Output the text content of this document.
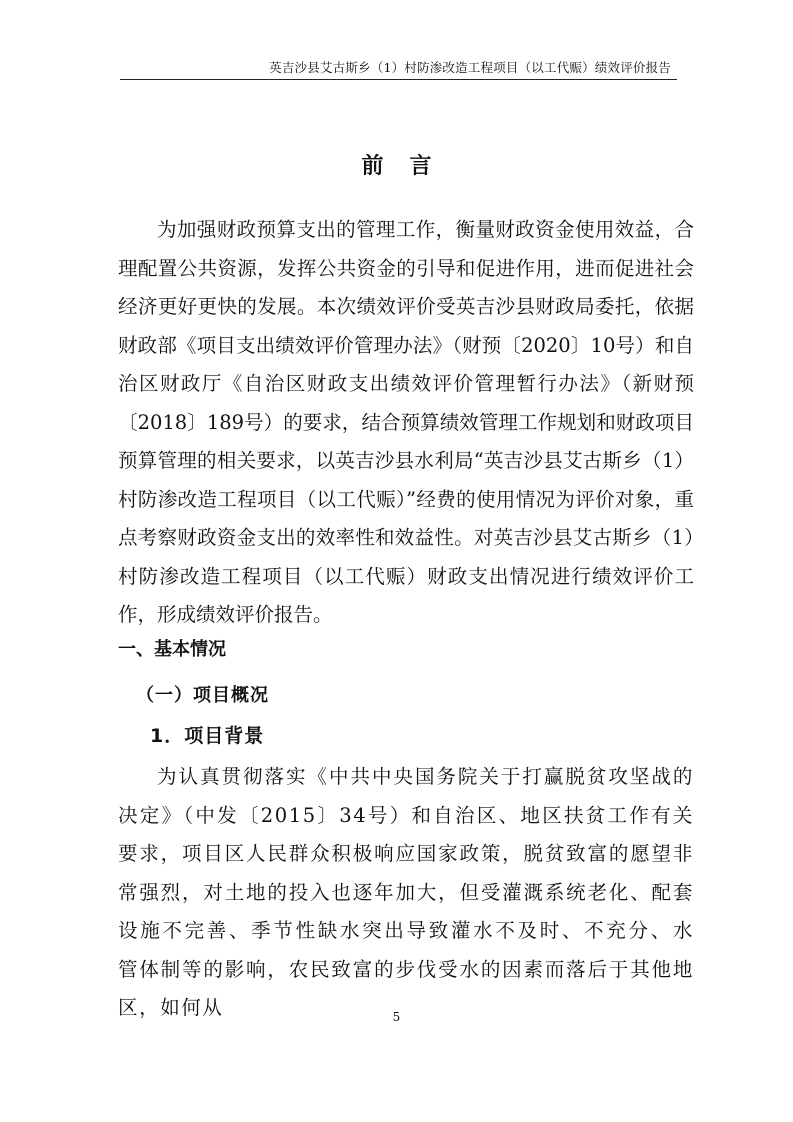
英吉沙县艾古斯乡（1）村防渗改造工程项目（以工代赈）绩效评价报告
前言

为加强财政预算支出的管理工作，衡量财政资金使用效益，合理配置公共资源，发挥公共资金的引导和促进作用，进而促进社会经济更好更快的发展。本次绩效评价受英吉沙县财政局委托，依据财政部《项目支出绩效评价管理办法》（财预〔2020〕10号）和自治区财政厅《自治区财政支出绩效评价管理暂行办法》（新财预〔2018〕189号）的要求，结合预算绩效管理工作规划和财政项目预算管理的相关要求，以英吉沙县水利局“英吉沙县艾古斯乡（1）村防渗改造工程项目（以工代赈）”经费的使用情况为评价对象，重点考察财政资金支出的效率性和效益性。对英吉沙县艾古斯乡（1）村防渗改造工程项目（以工代赈）财政支出情况进行绩效评价工作，形成绩效评价报告。

一、基本情况
（一）项目概况
1．项目背景

为认真贯彻落实《中共中央国务院关于打赢脱贫攻坚战的决定》（中发〔2015〕34号）和自治区、地区扶贫工作有关要求，项目区人民群众积极响应国家政策，脱贫致富的愿望非常强烈，对土地的投入也逐年加大，但受灌溉系统老化、配套设施不完善、季节性缺水突出导致灌水不及时、不充分、水 管体制等的影响，农民致富的步伐受水的因素而落后于其他地区，如何从	5
